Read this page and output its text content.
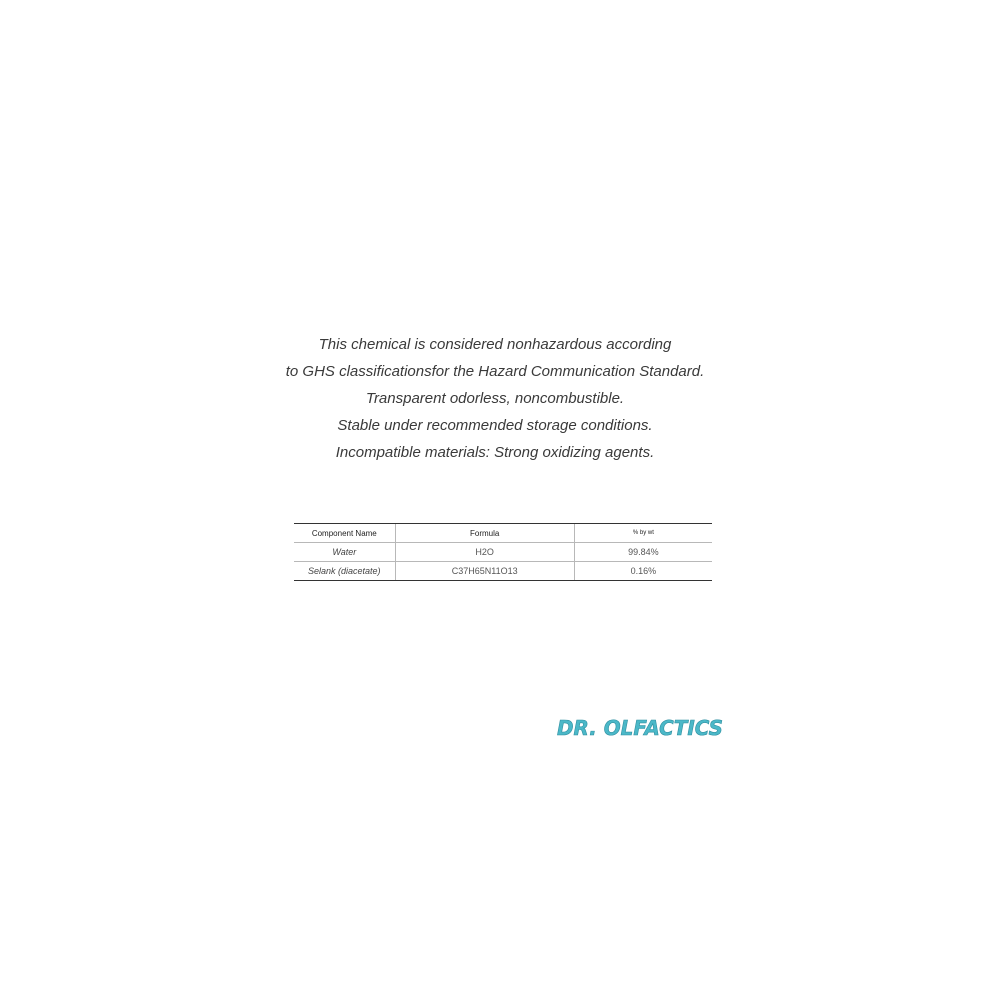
This chemical is considered nonhazardous according
to GHS classificationsfor the Hazard Communication Standard.
Transparent odorless, noncombustible.
Stable under recommended storage conditions.
Incompatible materials: Strong oxidizing agents.
Component Name	Formula	% by wt
Water	H2O	99.84%
Selank (diacetate)	C37H65N11O13	0.16%
DR. OLFACTICS
